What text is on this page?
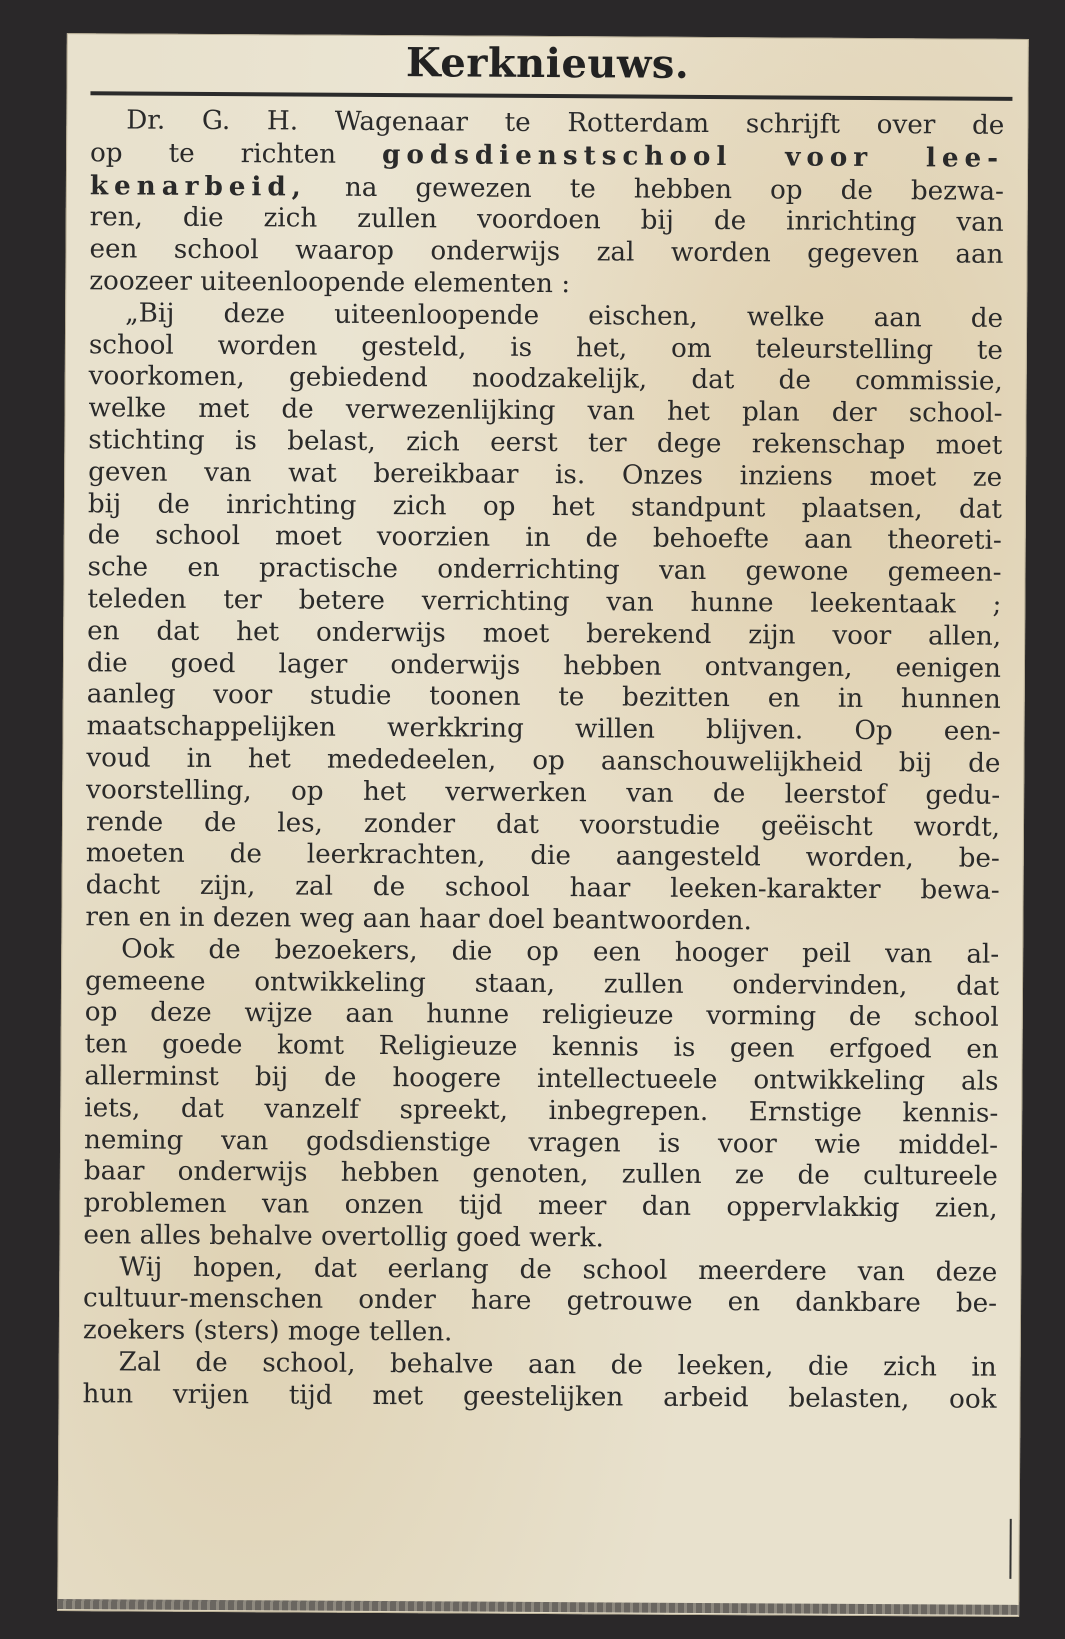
Kerknieuws.
Dr. G. H. Wagenaar te Rotterdam schrijft over de
op te richten godsdienstschool voor lee-
kenarbeid, na gewezen te hebben op de bezwa-
ren, die zich zullen voordoen bij de inrichting van
een school waarop onderwijs zal worden gegeven aan
zoozeer uiteenloopende elementen :
„Bij deze uiteenloopende eischen, welke aan de
school worden gesteld, is het, om teleurstelling te
voorkomen, gebiedend noodzakelijk, dat de commissie,
welke met de verwezenlijking van het plan der school-
stichting is belast, zich eerst ter dege rekenschap moet
geven van wat bereikbaar is. Onzes inziens moet ze
bij de inrichting zich op het standpunt plaatsen, dat
de school moet voorzien in de behoefte aan theoreti-
sche en practische onderrichting van gewone gemeen-
teleden ter betere verrichting van hunne leekentaak ;
en dat het onderwijs moet berekend zijn voor allen,
die goed lager onderwijs hebben ontvangen, eenigen
aanleg voor studie toonen te bezitten en in hunnen
maatschappelijken werkkring willen blijven. Op een-
voud in het mededeelen, op aanschouwelijkheid bij de
voorstelling, op het verwerken van de leerstof gedu-
rende de les, zonder dat voorstudie geëischt wordt,
moeten de leerkrachten, die aangesteld worden, be-
dacht zijn, zal de school haar leeken-karakter bewa-
ren en in dezen weg aan haar doel beantwoorden.
Ook de bezoekers, die op een hooger peil van al-
gemeene ontwikkeling staan, zullen ondervinden, dat
op deze wijze aan hunne religieuze vorming de school
ten goede komt Religieuze kennis is geen erfgoed en
allerminst bij de hoogere intellectueele ontwikkeling als
iets, dat vanzelf spreekt, inbegrepen. Ernstige kennis-
neming van godsdienstige vragen is voor wie middel-
baar onderwijs hebben genoten, zullen ze de cultureele
problemen van onzen tijd meer dan oppervlakkig zien,
een alles behalve overtollig goed werk.
Wij hopen, dat eerlang de school meerdere van deze
cultuur-menschen onder hare getrouwe en dankbare be-
zoekers (sters) moge tellen.
Zal de school, behalve aan de leeken, die zich in
hun vrijen tijd met geestelijken arbeid belasten, ook
